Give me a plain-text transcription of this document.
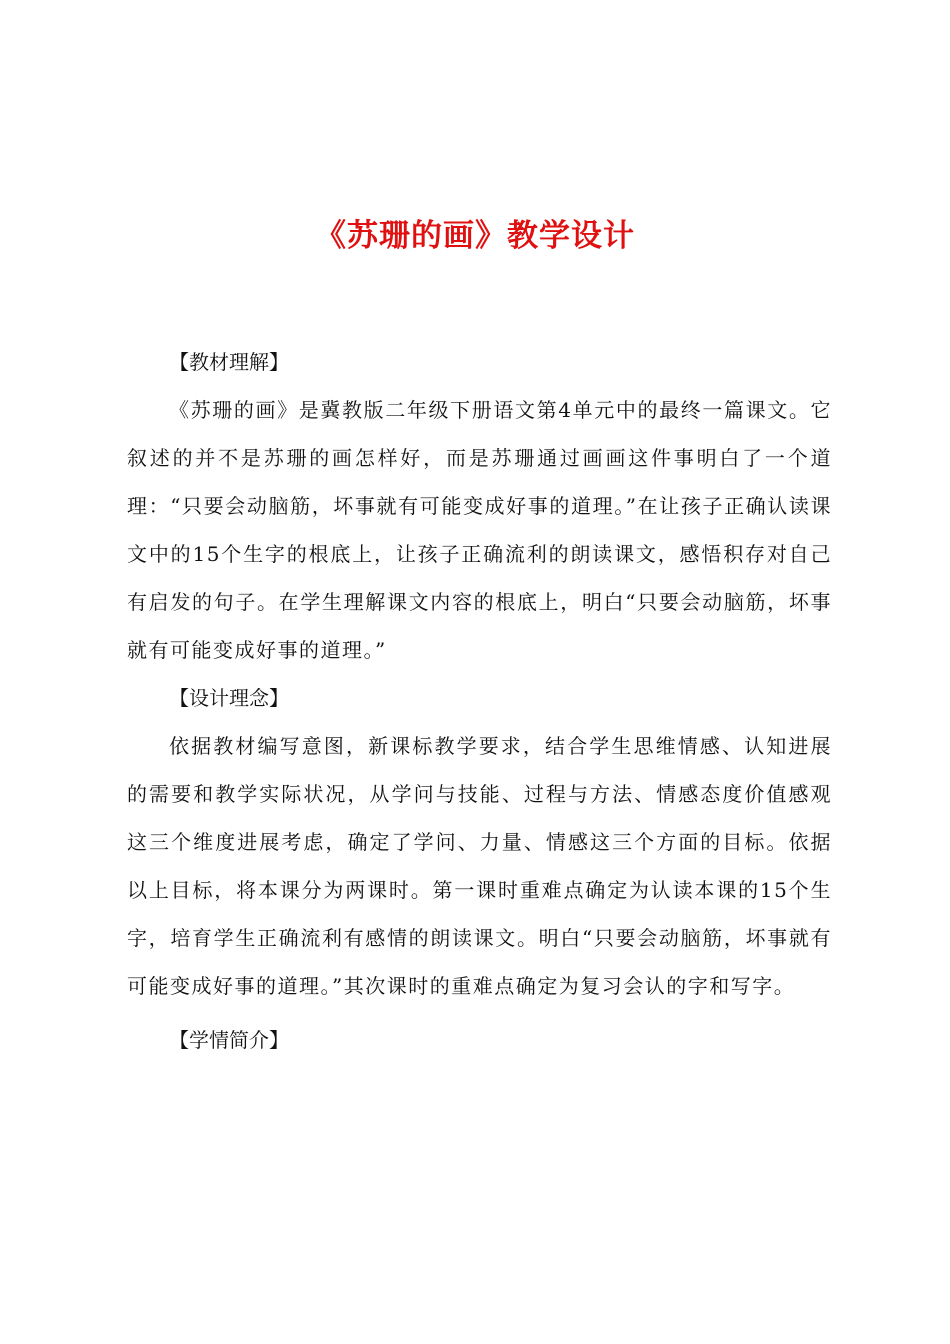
《苏珊的画》教学设计

【教材理解】

《苏珊的画》是冀教版二年级下册语文第4单元中的最终一篇课文。它叙述的并不是苏珊的画怎样好，而是苏珊通过画画这件事明白了一个道理：“只要会动脑筋，坏事就有可能变成好事的道理。”在让孩子正确认读课文中的15个生字的根底上，让孩子正确流利的朗读课文，感悟积存对自己有启发的句子。在学生理解课文内容的根底上，明白“只要会动脑筋，坏事就有可能变成好事的道理。”

【设计理念】

依据教材编写意图，新课标教学要求，结合学生思维情感、认知进展的需要和教学实际状况，从学问与技能、过程与方法、情感态度价值感观这三个维度进展考虑，确定了学问、力量、情感这三个方面的目标。依据以上目标，将本课分为两课时。第一课时重难点确定为认读本课的15个生字，培育学生正确流利有感情的朗读课文。明白“只要会动脑筋，坏事就有可能变成好事的道理。”其次课时的重难点确定为复习会认的字和写字。

【学情简介】
